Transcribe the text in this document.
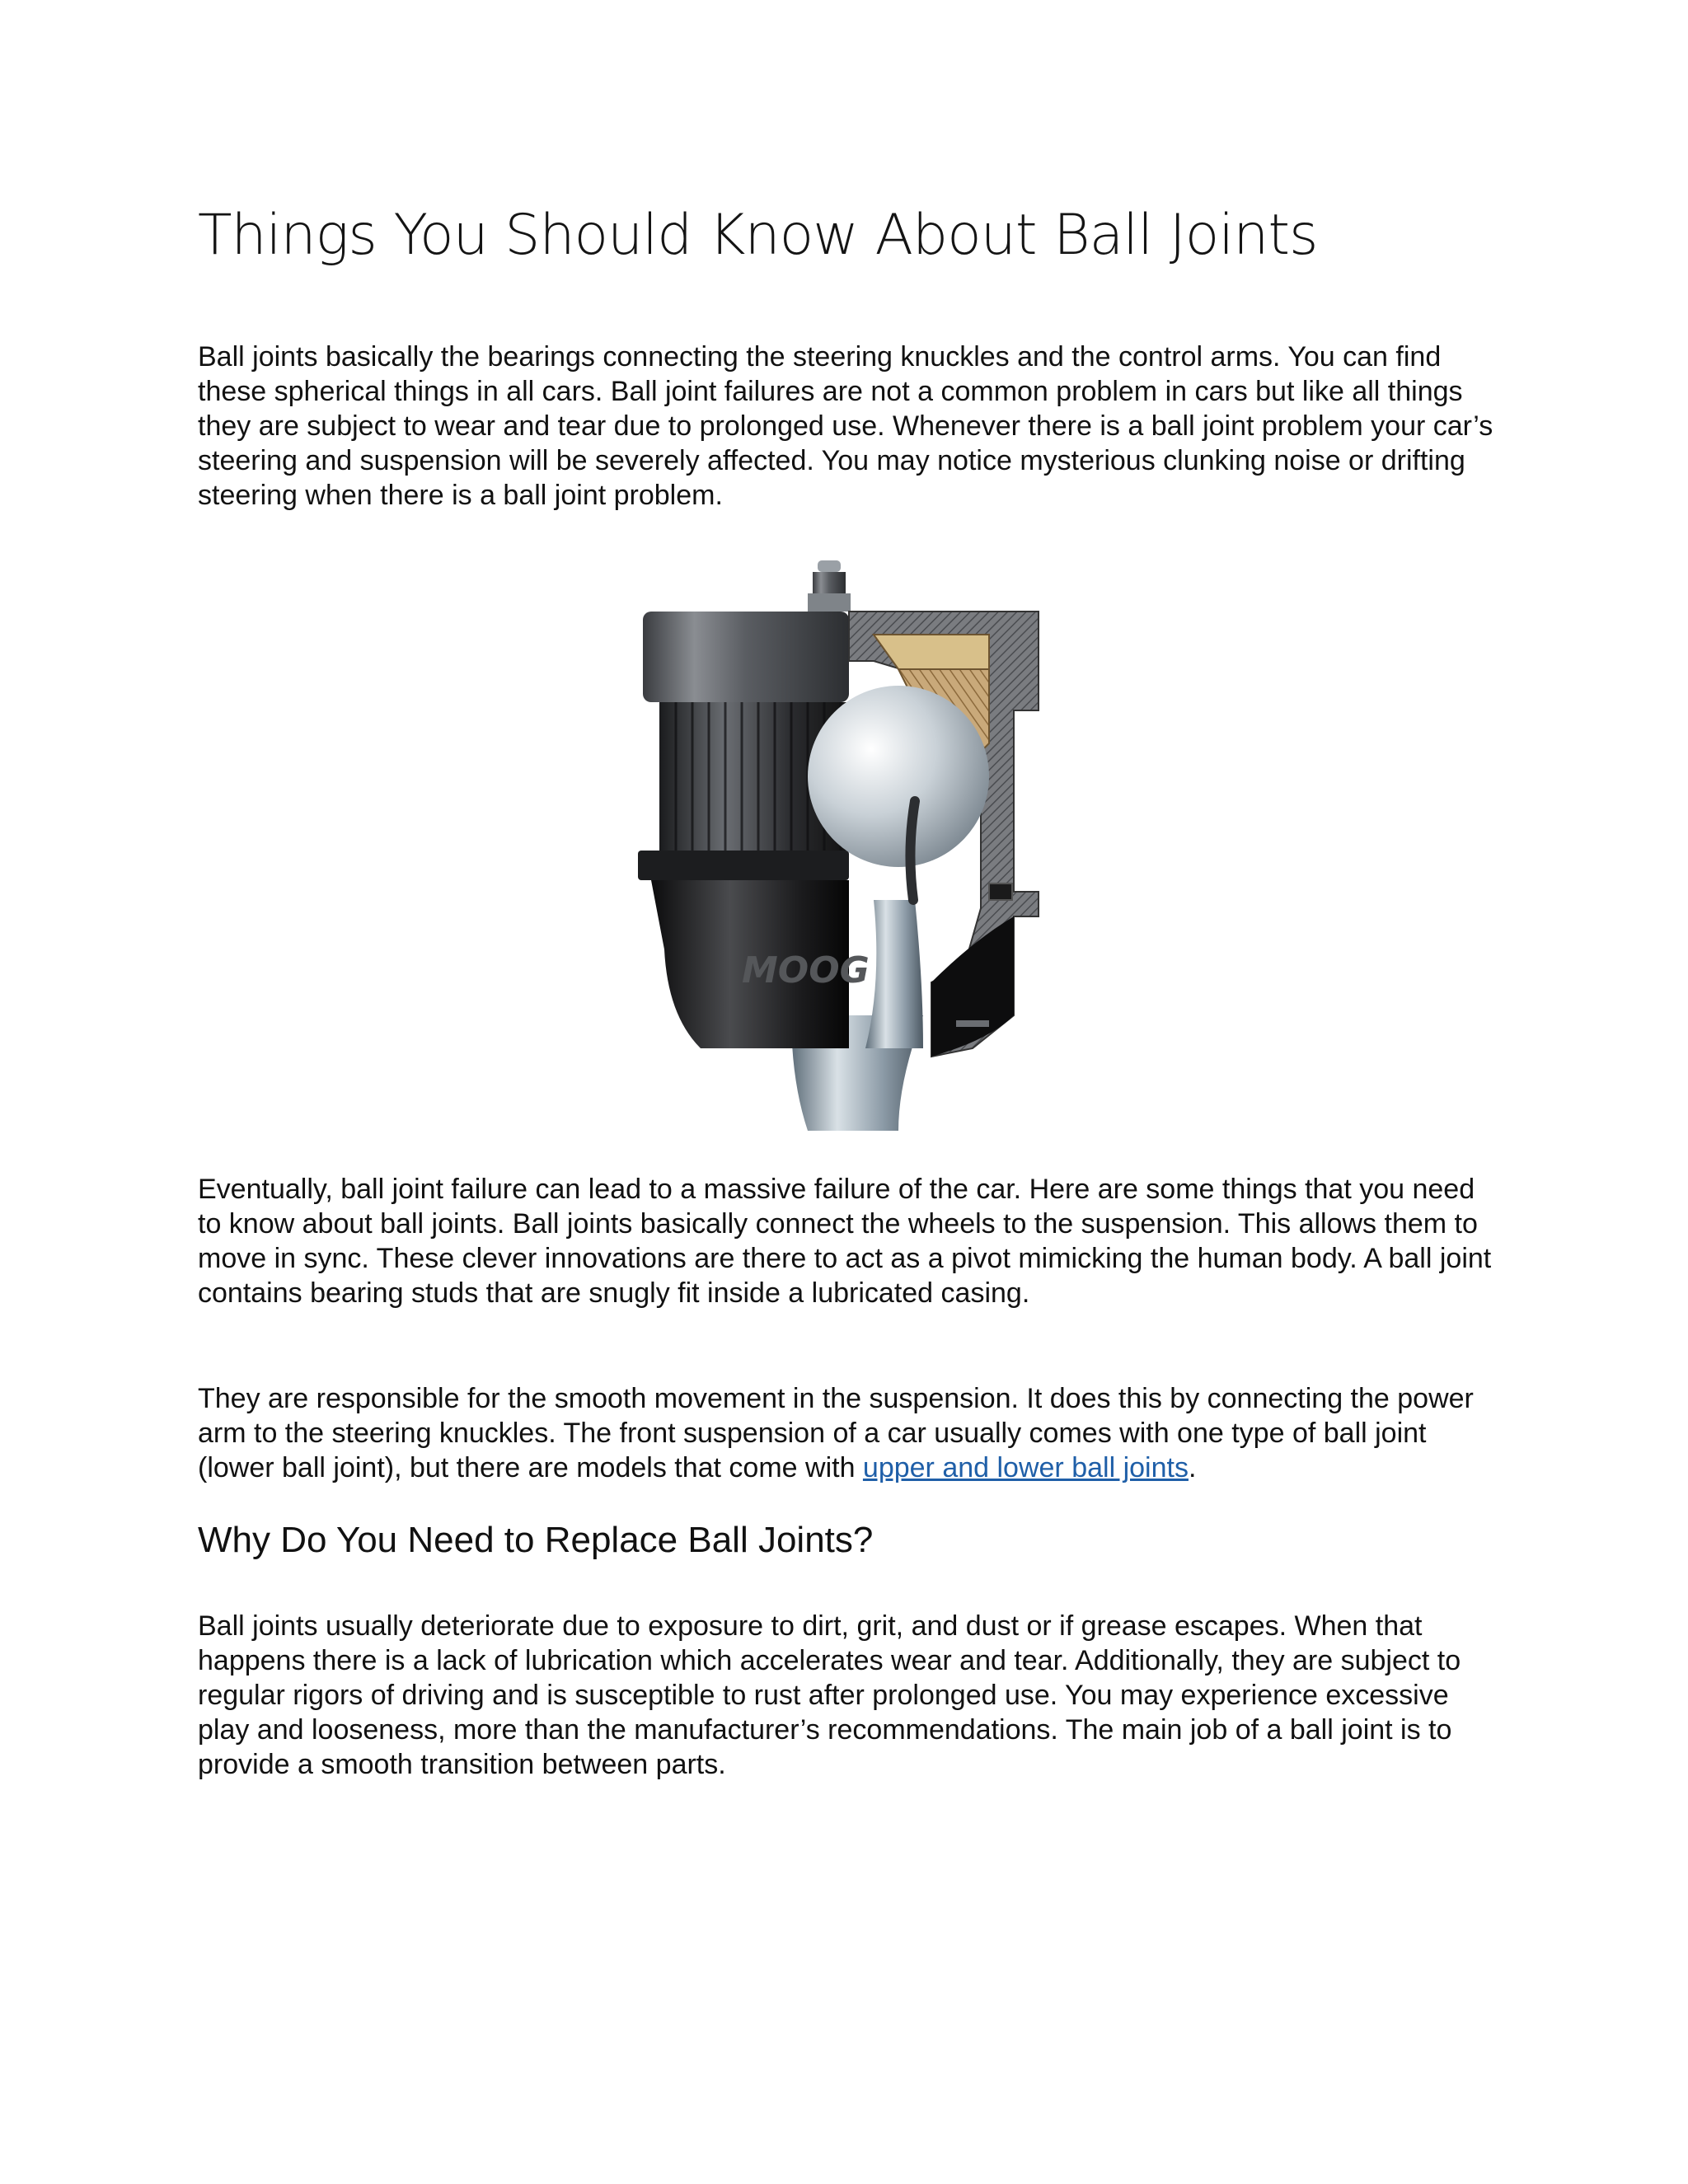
Things You Should Know About Ball Joints

Ball joints basically the bearings connecting the steering knuckles and the control arms. You can find these spherical things in all cars. Ball joint failures are not a common problem in cars but like all things they are subject to wear and tear due to prolonged use. Whenever there is a ball joint problem your car’s steering and suspension will be severely affected. You may notice mysterious clunking noise or drifting steering when there is a ball joint problem.

MOOG

Eventually, ball joint failure can lead to a massive failure of the car. Here are some things that you need to know about ball joints. Ball joints basically connect the wheels to the suspension. This allows them to move in sync. These clever innovations are there to act as a pivot mimicking the human body. A ball joint contains bearing studs that are snugly fit inside a lubricated casing.

They are responsible for the smooth movement in the suspension. It does this by connecting the power arm to the steering knuckles. The front suspension of a car usually comes with one type of ball joint (lower ball joint), but there are models that come with upper and lower ball joints.

Why Do You Need to Replace Ball Joints?

Ball joints usually deteriorate due to exposure to dirt, grit, and dust or if grease escapes. When that happens there is a lack of lubrication which accelerates wear and tear. Additionally, they are subject to regular rigors of driving and is susceptible to rust after prolonged use. You may experience excessive play and looseness, more than the manufacturer’s recommendations. The main job of a ball joint is to provide a smooth transition between parts.
